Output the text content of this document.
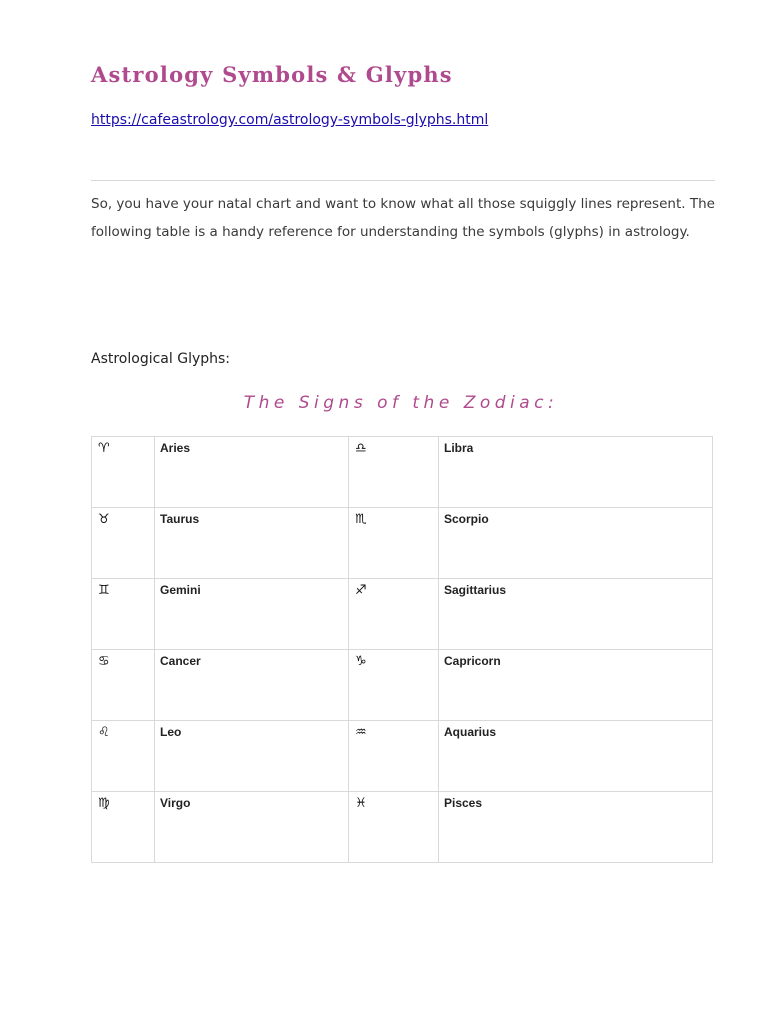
Astrology Symbols & Glyphs
https://cafeastrology.com/astrology-symbols-glyphs.html

So, you have your natal chart and want to know what all those squiggly lines represent. The following table is a handy reference for understanding the symbols (glyphs) in astrology.

Astrological Glyphs:
The Signs of the Zodiac:
♈︎	Aries	♎︎	Libra
♉︎	Taurus	♏︎	Scorpio
♊︎	Gemini	♐︎	Sagittarius
♋︎	Cancer	♑︎	Capricorn
♌︎	Leo	♒︎	Aquarius
♍︎	Virgo	♓︎	Pisces
